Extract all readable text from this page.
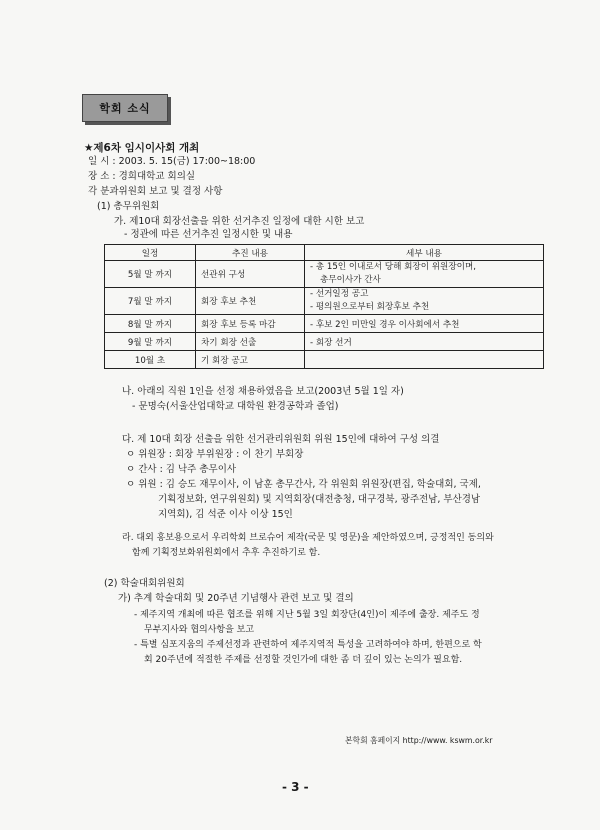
학회 소식
★제6차 임시이사회 개최
일 시 : 2003. 5. 15(금) 17:00~18:00
장 소 : 경희대학교 회의실
각 분과위원회 보고 및 결정 사항
(1) 총무위원회
가. 제10대 회장선출을 위한 선거추진 일정에 대한 시한 보고
- 정관에 따른 선거추진 일정시한 및 내용
일정	추진 내용	세부 내용
5월 말 까지	선관위 구성	- 총 15인 이내로서 당해 회장이 위원장이며,
총무이사가 간사

7월 말 까지	회장 후보 추천	- 선거일정 공고
- 평의원으로부터 회장후보 추천

8월 말 까지	회장 후보 등록 마감	- 후보 2인 미만일 경우 이사회에서 추천
9월 말 까지	차기 회장 선출	- 회장 선거
10월 초	기 회장 공고	
나. 아래의 직원 1인을 선정 채용하였음을 보고(2003년 5월 1일 자)
- 문명숙(서울산업대학교 대학원 환경공학과 졸업)
다. 제 10대 회장 선출을 위한 선거관리위원회 위원 15인에 대하여 구성 의결
ㅇ 위원장 : 회장 부위원장 : 이 찬기 부회장
ㅇ 간사 : 김 낙주 총무이사
ㅇ 위원 : 김 승도 재무이사, 이 남훈 총무간사, 각 위원회 위원장(편집, 학술대회, 국제,
기획정보화, 연구위원회) 및 지역회장(대전충청, 대구경북, 광주전남, 부산경남
지역회), 김 석준 이사 이상 15인
라. 대외 홍보용으로서 우리학회 브로슈어 제작(국문 및 영문)을 제안하였으며, 긍정적인 동의와
함께 기획정보화위원회에서 추후 추진하기로 함.
(2) 학술대회위원회
가) 추계 학술대회 및 20주년 기념행사 관련 보고 및 결의
- 제주지역 개최에 따른 협조를 위해 지난 5월 3일 회장단(4인)이 제주에 출장. 제주도 정
무부지사와 협의사항을 보고
- 특별 심포지움의 주제선정과 관련하여 제주지역적 특성을 고려하여야 하며, 한편으로 학
회 20주년에 적절한 주제를 선정할 것인가에 대한 좀 더 깊이 있는 논의가 필요함.
본학회 홈페이지 http://www. kswm.or.kr
- 3 -
